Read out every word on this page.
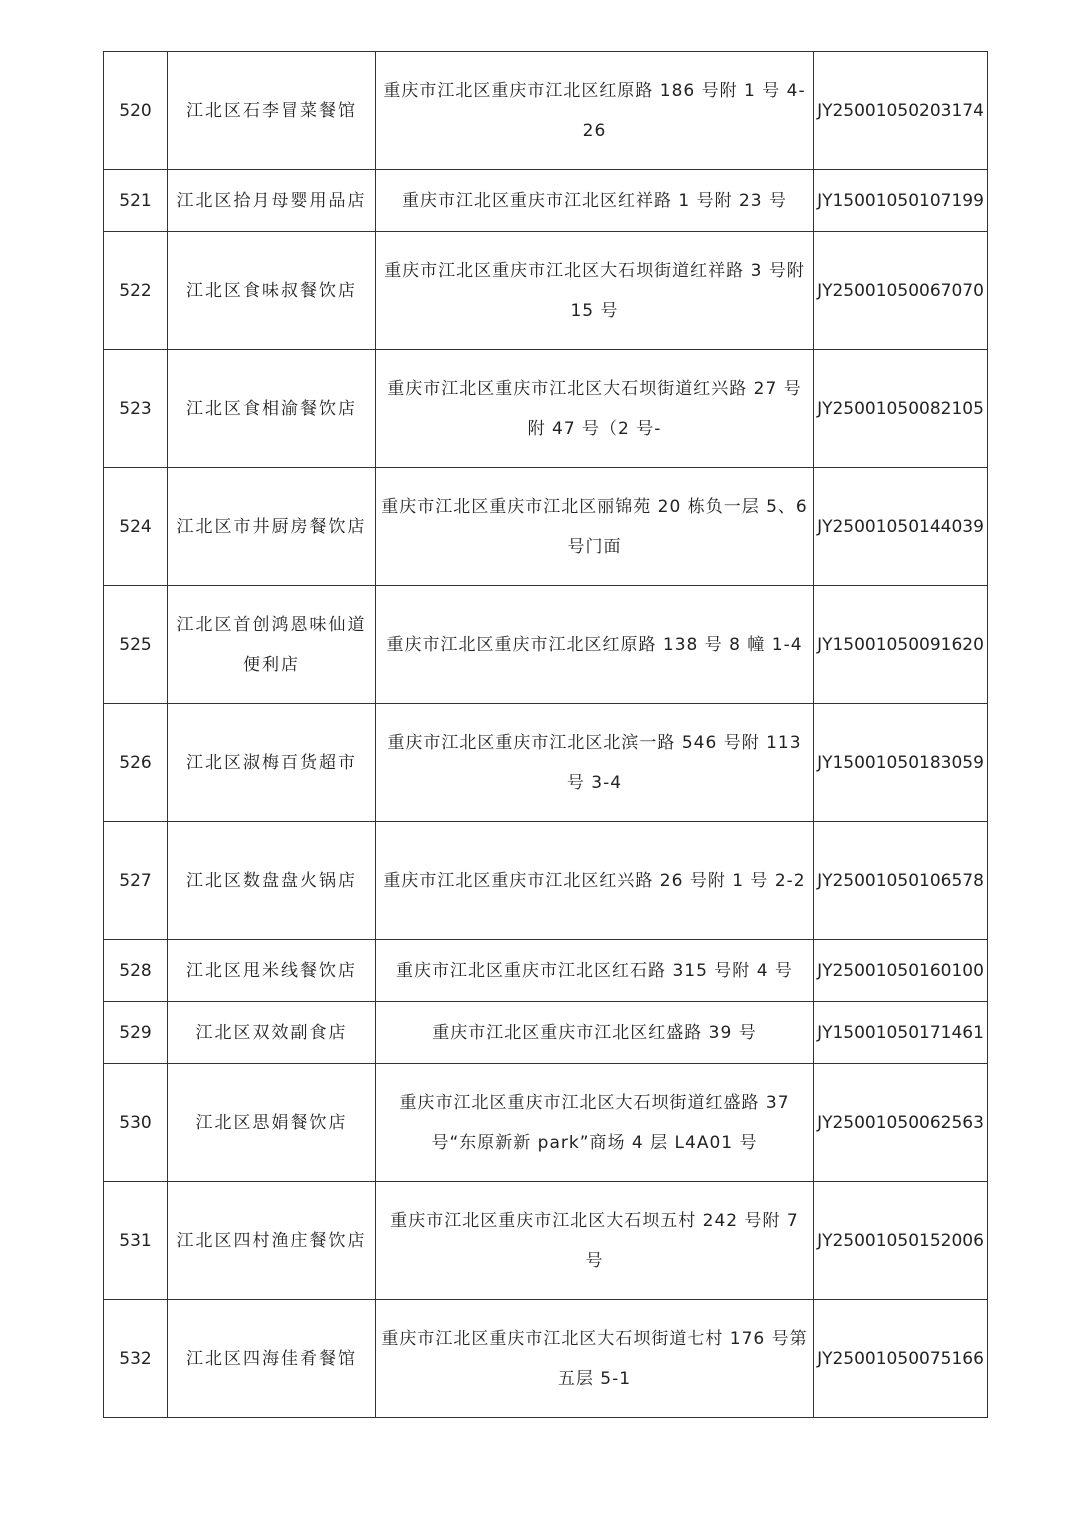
520	江北区石李冒菜餐馆	重庆市江北区重庆市江北区红原路 186 号附 1 号 4-26	JY25001050203174
521	江北区拾月母婴用品店	重庆市江北区重庆市江北区红祥路 1 号附 23 号	JY15001050107199
522	江北区食味叔餐饮店	重庆市江北区重庆市江北区大石坝街道红祥路 3 号附 15 号	JY25001050067070
523	江北区食相渝餐饮店	重庆市江北区重庆市江北区大石坝街道红兴路 27 号附 47 号（2 号-	JY25001050082105
524	江北区市井厨房餐饮店	重庆市江北区重庆市江北区丽锦苑 20 栋负一层 5、6 号门面	JY25001050144039
525	江北区首创鸿恩味仙道便利店	重庆市江北区重庆市江北区红原路 138 号 8 幢 1-4	JY15001050091620
526	江北区淑梅百货超市	重庆市江北区重庆市江北区北滨一路 546 号附 113 号 3-4	JY15001050183059
527	江北区数盘盘火锅店	重庆市江北区重庆市江北区红兴路 26 号附 1 号 2-2	JY25001050106578
528	江北区甩米线餐饮店	重庆市江北区重庆市江北区红石路 315 号附 4 号	JY25001050160100
529	江北区双效副食店	重庆市江北区重庆市江北区红盛路 39 号	JY15001050171461
530	江北区思娟餐饮店	重庆市江北区重庆市江北区大石坝街道红盛路 37 号“东原新新 park”商场 4 层 L4A01 号	JY25001050062563
531	江北区四村渔庄餐饮店	重庆市江北区重庆市江北区大石坝五村 242 号附 7 号	JY25001050152006
532	江北区四海佳肴餐馆	重庆市江北区重庆市江北区大石坝街道七村 176 号第五层 5-1	JY25001050075166
